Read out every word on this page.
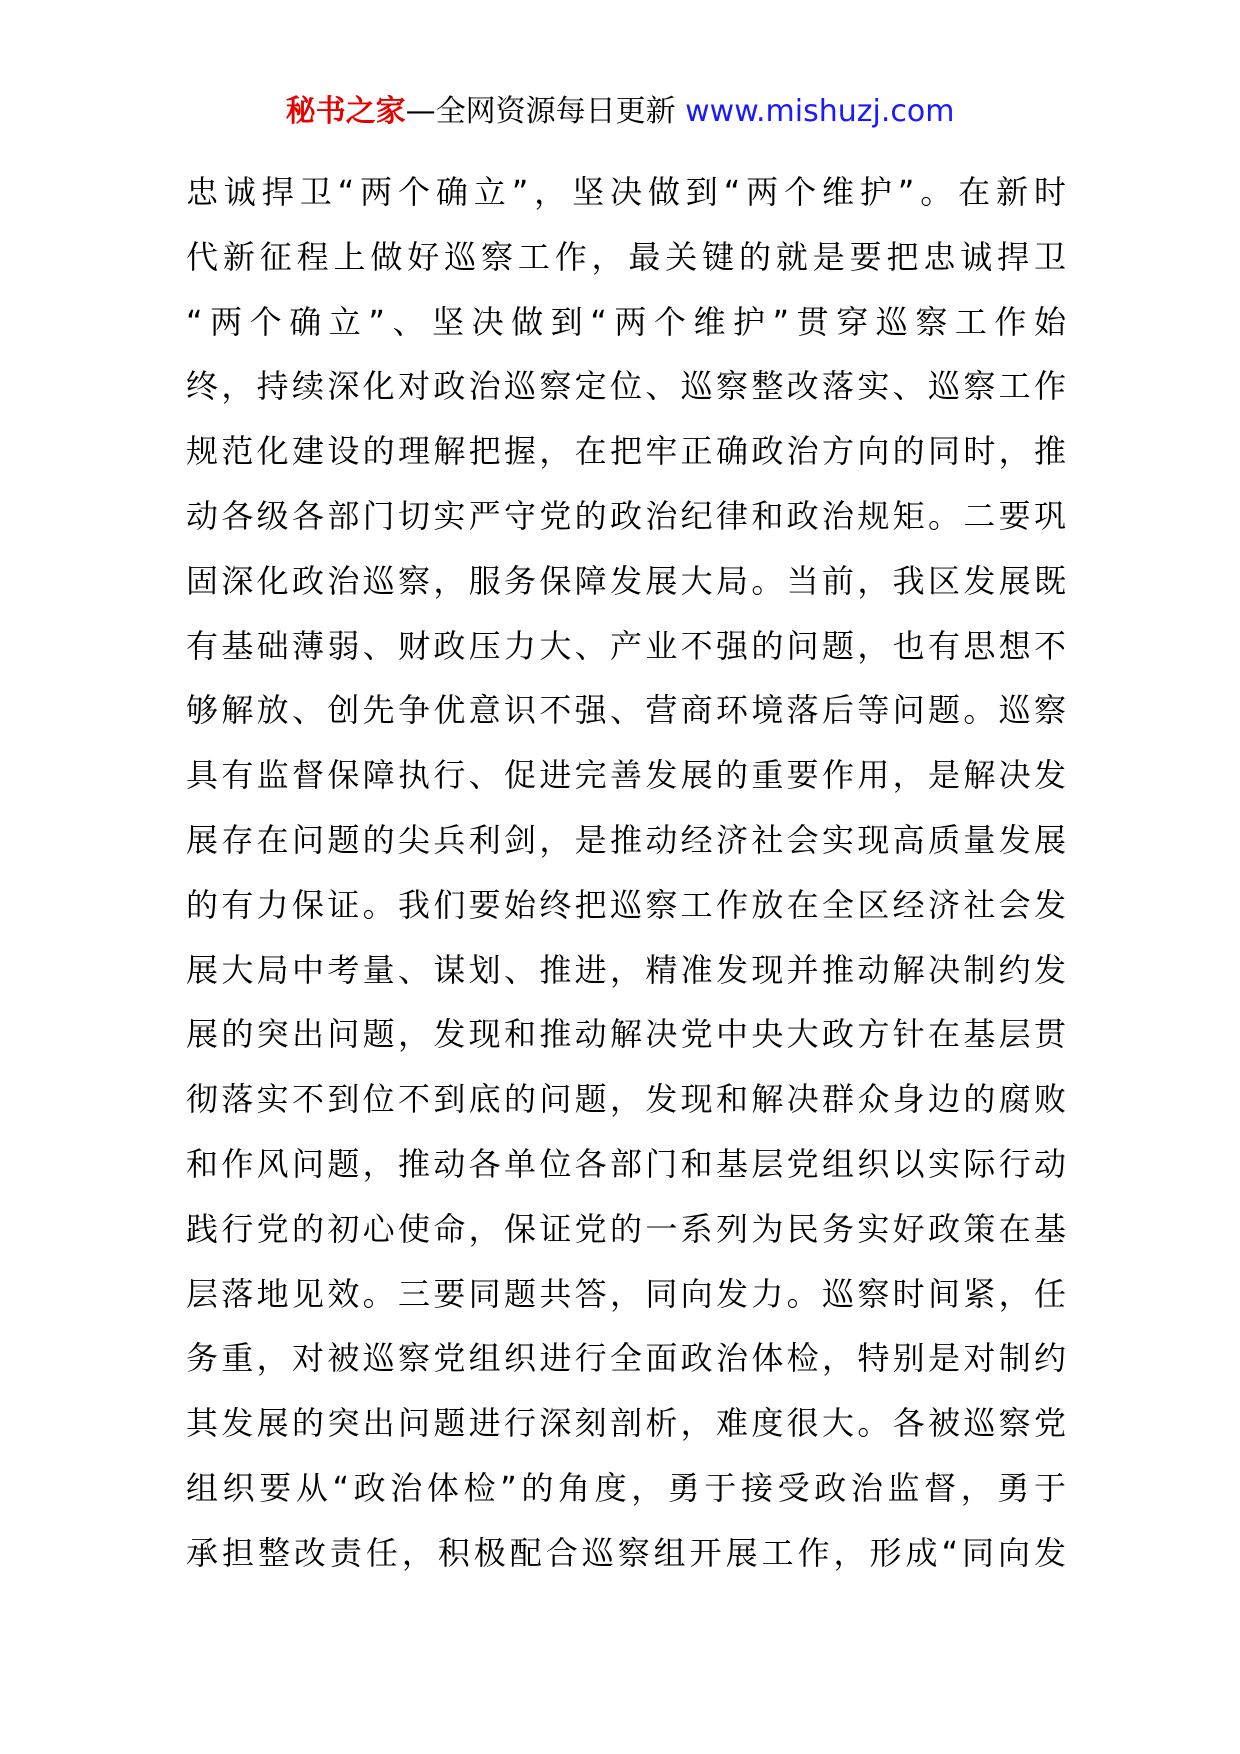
秘书之家—全网资源每日更新 www.mishuzj.com
忠诚捍卫“两个确立”，坚决做到“两个维护”。在新时
代新征程上做好巡察工作，最关键的就是要把忠诚捍卫
“两个确立”、坚决做到“两个维护”贯穿巡察工作始
终，持续深化对政治巡察定位、巡察整改落实、巡察工作
规范化建设的理解把握，在把牢正确政治方向的同时，推
动各级各部门切实严守党的政治纪律和政治规矩。二要巩
固深化政治巡察，服务保障发展大局。当前，我区发展既
有基础薄弱、财政压力大、产业不强的问题，也有思想不
够解放、创先争优意识不强、营商环境落后等问题。巡察
具有监督保障执行、促进完善发展的重要作用，是解决发
展存在问题的尖兵利剑，是推动经济社会实现高质量发展
的有力保证。我们要始终把巡察工作放在全区经济社会发
展大局中考量、谋划、推进，精准发现并推动解决制约发
展的突出问题，发现和推动解决党中央大政方针在基层贯
彻落实不到位不到底的问题，发现和解决群众身边的腐败
和作风问题，推动各单位各部门和基层党组织以实际行动
践行党的初心使命，保证党的一系列为民务实好政策在基
层落地见效。三要同题共答，同向发力。巡察时间紧，任
务重，对被巡察党组织进行全面政治体检，特别是对制约
其发展的突出问题进行深刻剖析，难度很大。各被巡察党
组织要从“政治体检”的角度，勇于接受政治监督，勇于
承担整改责任，积极配合巡察组开展工作，形成“同向发
